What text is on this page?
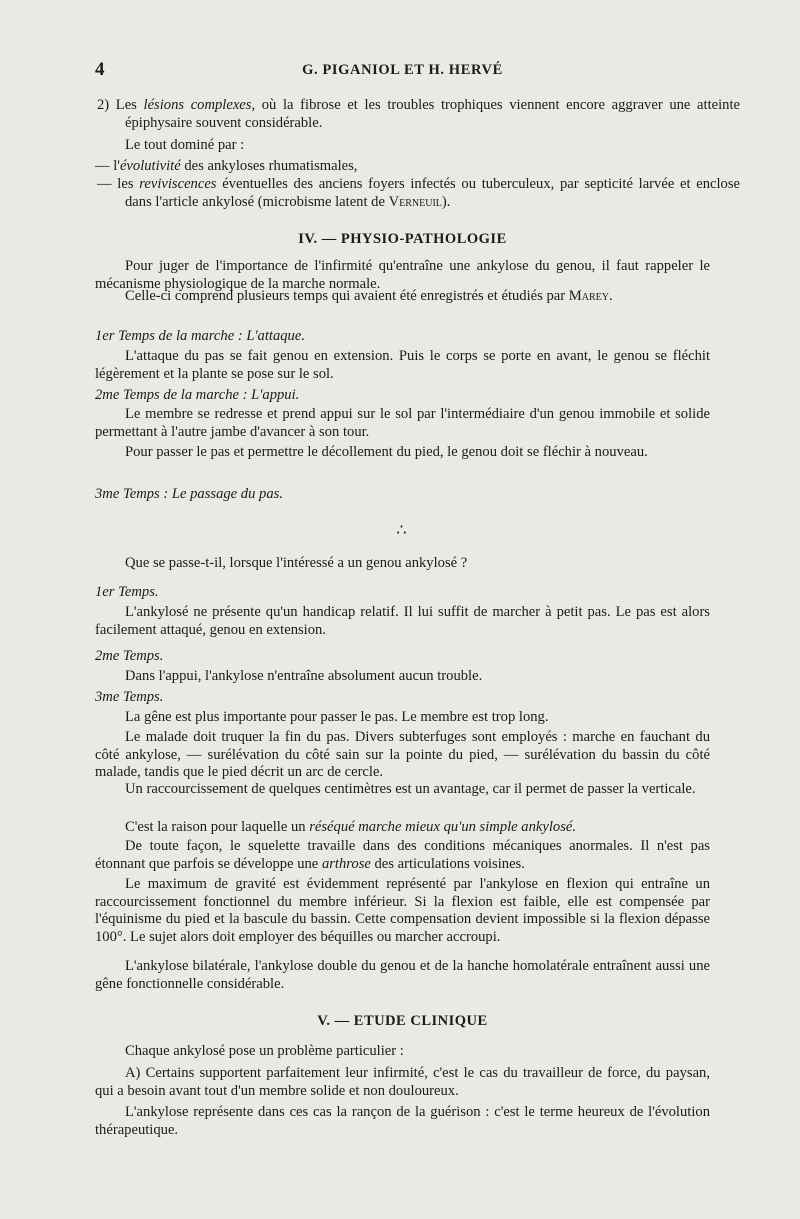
4	G. PIGANIOL ET H. HERVÉ
2) Les lésions complexes, où la fibrose et les troubles trophiques viennent encore aggraver une atteinte épiphysaire souvent considérable.
Le tout dominé par :
— l'évolutivité des ankyloses rhumatismales,
— les reviviscences éventuelles des anciens foyers infectés ou tuberculeux, par septicité larvée et enclose dans l'article ankylosé (microbisme latent de Verneuil).
IV. — PHYSIO-PATHOLOGIE
Pour juger de l'importance de l'infirmité qu'entraîne une ankylose du genou, il faut rappeler le mécanisme physiologique de la marche normale.
Celle-ci comprend plusieurs temps qui avaient été enregistrés et étudiés par Marey.
1er Temps de la marche : L'attaque.
L'attaque du pas se fait genou en extension. Puis le corps se porte en avant, le genou se fléchit légèrement et la plante se pose sur le sol.
2me Temps de la marche : L'appui.
Le membre se redresse et prend appui sur le sol par l'intermédiaire d'un genou immobile et solide permettant à l'autre jambe d'avancer à son tour.
Pour passer le pas et permettre le décollement du pied, le genou doit se fléchir à nouveau.
3me Temps : Le passage du pas.
∴
Que se passe-t-il, lorsque l'intéressé a un genou ankylosé ?
1er Temps.
L'ankylosé ne présente qu'un handicap relatif. Il lui suffit de marcher à petit pas. Le pas est alors facilement attaqué, genou en extension.
2me Temps.
Dans l'appui, l'ankylose n'entraîne absolument aucun trouble.
3me Temps.
La gêne est plus importante pour passer le pas. Le membre est trop long.
Le malade doit truquer la fin du pas. Divers subterfuges sont employés : marche en fauchant du côté ankylose, — surélévation du côté sain sur la pointe du pied, — surélévation du bassin du côté malade, tandis que le pied décrit un arc de cercle.
Un raccourcissement de quelques centimètres est un avantage, car il permet de passer la verticale.
C'est la raison pour laquelle un réséqué marche mieux qu'un simple ankylosé.
De toute façon, le squelette travaille dans des conditions mécaniques anormales. Il n'est pas étonnant que parfois se développe une arthrose des articulations voisines.
Le maximum de gravité est évidemment représenté par l'ankylose en flexion qui entraîne un raccourcissement fonctionnel du membre inférieur. Si la flexion est faible, elle est compensée par l'équinisme du pied et la bascule du bassin. Cette compensation devient impossible si la flexion dépasse 100°. Le sujet alors doit employer des béquilles ou marcher accroupi.
L'ankylose bilatérale, l'ankylose double du genou et de la hanche homolatérale entraînent aussi une gêne fonctionnelle considérable.
V. — ETUDE CLINIQUE
Chaque ankylosé pose un problème particulier :
A) Certains supportent parfaitement leur infirmité, c'est le cas du travailleur de force, du paysan, qui a besoin avant tout d'un membre solide et non douloureux.
L'ankylose représente dans ces cas la rançon de la guérison : c'est le terme heureux de l'évolution thérapeutique.
